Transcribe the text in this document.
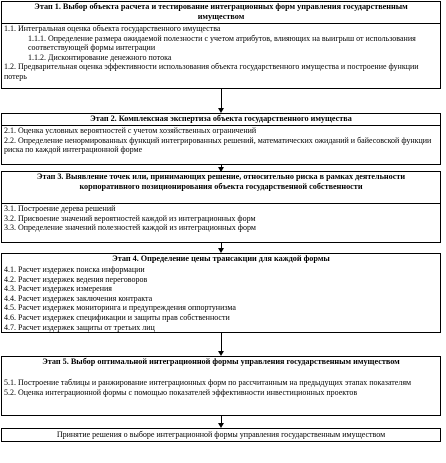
Этап 1. Выбор объекта расчета и тестирование интеграционных форм управления государственным имуществом
1.1. Интегральная оценка объекта государственного имущества
1.1.1. Определение размера ожидаемой полезности с учетом атрибутов, влияющих на выигрыш от использования соответствующей формы интеграции
1.1.2. Дисконтирование денежного потока
1.2. Предварительная оценка эффективности использования объекта государственного имущества и построение функции потерь
Этап 2. Комплексная экспертиза объекта государственного имущества
2.1. Оценка условных вероятностей с учетом хозяйственных ограничений
2.2. Определение ненормированных функций интегрированных решений, математических ожиданий и байесовской функции риска по каждой интеграционной форме
Этап 3. Выявление точек или, принимающих решение, относительно риска в рамках деятельности корпоративного позиционирования объекта государственной собственности
3.1. Построение дерева решений
3.2. Присвоение значений вероятностей каждой из интеграционных форм
3.3. Определение значений полезностей каждой из интеграционных форм
Этап 4. Определение цены трансакции для каждой формы
4.1. Расчет издержек поиска информации
4.2. Расчет издержек ведения переговоров
4.3. Расчет издержек измерения
4.4. Расчет издержек заключения контракта
4.5. Расчет издержек мониторинга и предупреждения оппортунизма
4.6. Расчет издержек спецификации и защиты прав собственности
4.7. Расчет издержек защиты от третьих лиц
Этап 5. Выбор оптимальной интеграционной формы управления государственным имуществом
5.1. Построение таблицы и ранжирование интеграционных форм по рассчитанным на предыдущих этапах показателям
5.2. Оценка интеграционной формы с помощью показателей эффективности инвестиционных проектов
Принятие решения о выборе интеграционной формы управления государственным имуществом
